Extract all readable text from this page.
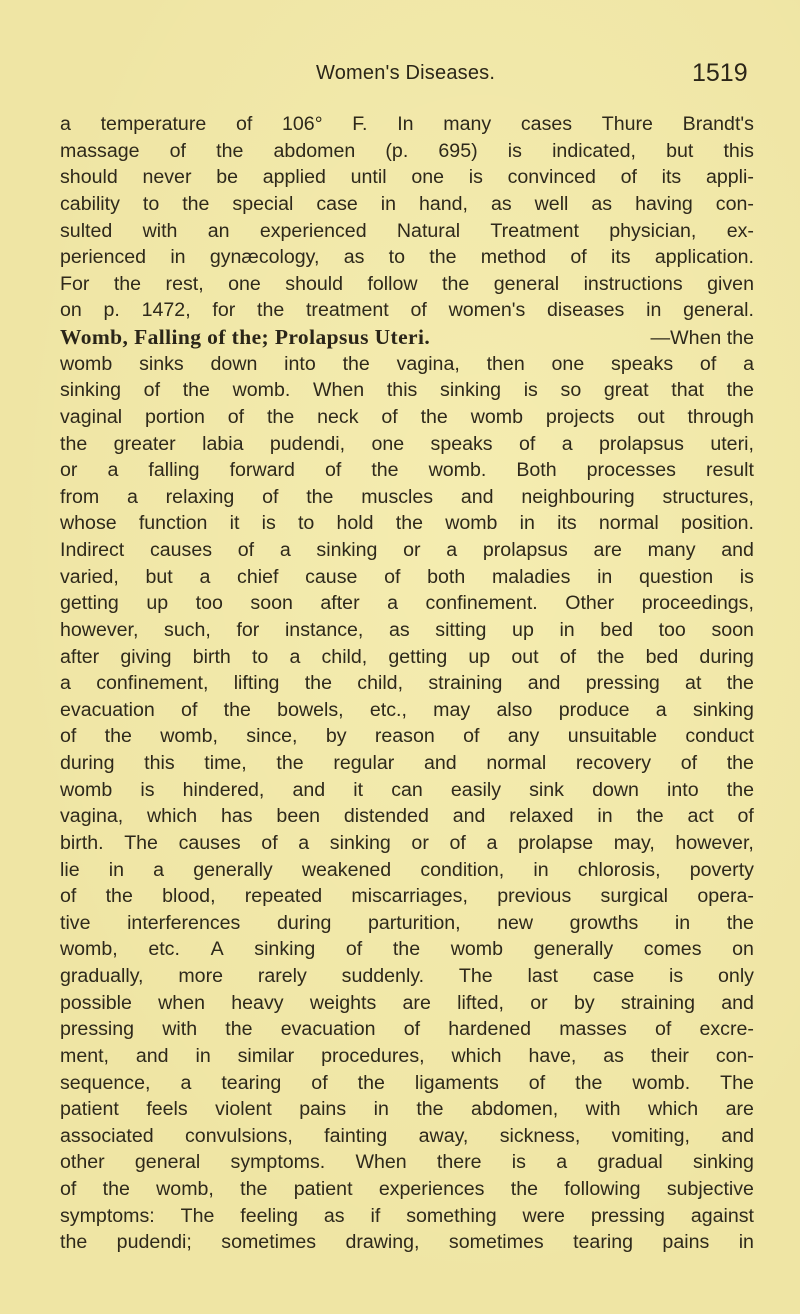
Women's Diseases.	1519
a temperature of 106° F. In many cases Thure Brandt's
massage of the abdomen (p. 695) is indicated, but this
should never be applied until one is convinced of its appli-
cability to the special case in hand, as well as having con-
sulted with an experienced Natural Treatment physician, ex-
perienced in gynæcology, as to the method of its application.
For the rest, one should follow the general instructions given
on p. 1472, for the treatment of women's diseases in general.
Womb, Falling of the; Prolapsus Uteri.	—When the
womb sinks down into the vagina, then one speaks of a
sinking of the womb. When this sinking is so great that the
vaginal portion of the neck of the womb projects out through
the greater labia pudendi, one speaks of a prolapsus uteri,
or a falling forward of the womb. Both processes result
from a relaxing of the muscles and neighbouring structures,
whose function it is to hold the womb in its normal position.
Indirect causes of a sinking or a prolapsus are many and
varied, but a chief cause of both maladies in question is
getting up too soon after a confinement. Other proceedings,
however, such, for instance, as sitting up in bed too soon
after giving birth to a child, getting up out of the bed during
a confinement, lifting the child, straining and pressing at the
evacuation of the bowels, etc., may also produce a sinking
of the womb, since, by reason of any unsuitable conduct
during this time, the regular and normal recovery of the
womb is hindered, and it can easily sink down into the
vagina, which has been distended and relaxed in the act of
birth. The causes of a sinking or of a prolapse may, however,
lie in a generally weakened condition, in chlorosis, poverty
of the blood, repeated miscarriages, previous surgical opera-
tive interferences during parturition, new growths in the
womb, etc. A sinking of the womb generally comes on
gradually, more rarely suddenly. The last case is only
possible when heavy weights are lifted, or by straining and
pressing with the evacuation of hardened masses of excre-
ment, and in similar procedures, which have, as their con-
sequence, a tearing of the ligaments of the womb. The
patient feels violent pains in the abdomen, with which are
associated convulsions, fainting away, sickness, vomiting, and
other general symptoms. When there is a gradual sinking
of the womb, the patient experiences the following subjective
symptoms: The feeling as if something were pressing against
the pudendi; sometimes drawing, sometimes tearing pains in
